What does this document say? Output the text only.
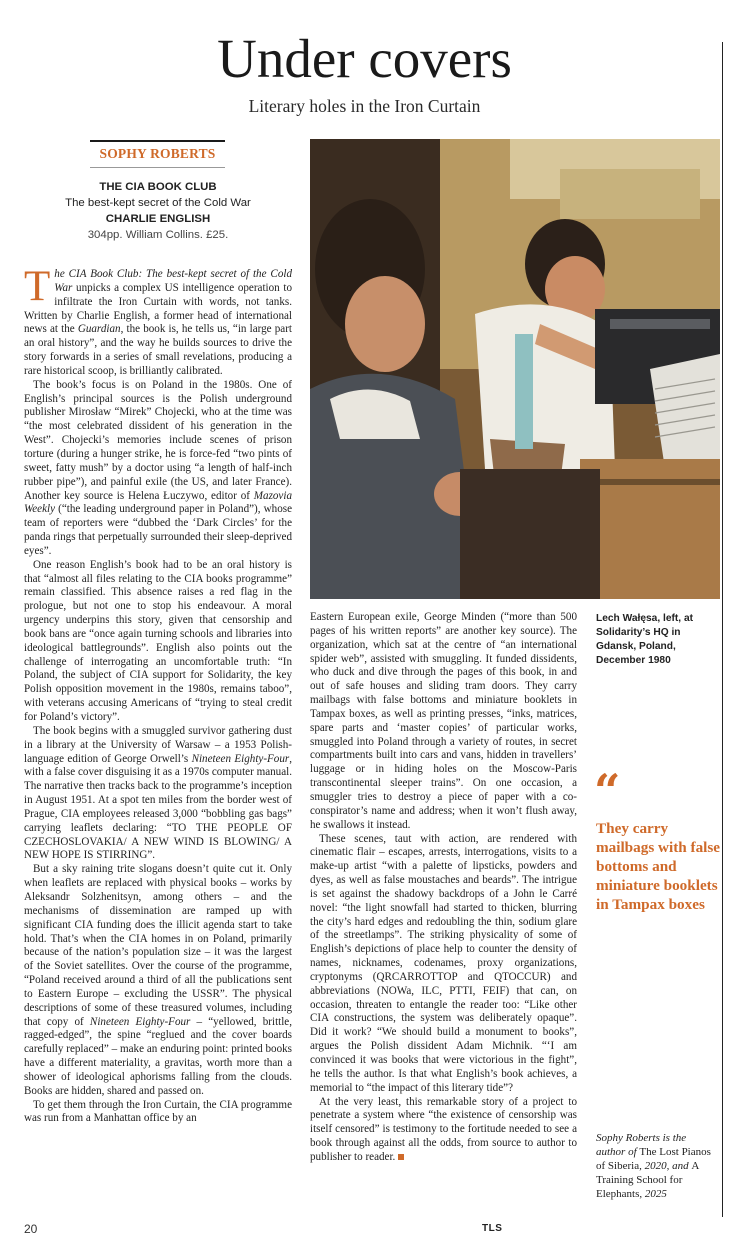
Under covers
Literary holes in the Iron Curtain
SOPHY ROBERTS
THE CIA BOOK CLUB
The best-kept secret of the Cold War
CHARLIE ENGLISH
304pp. William Collins. £25.

The CIA Book Club: The best-kept secret of the Cold War unpicks a complex US intelligence operation to infiltrate the Iron Curtain with words, not tanks. Written by Charlie English, a former head of international news at the Guardian, the book is, he tells us, “in large part an oral history”, and the way he builds sources to drive the story forwards in a series of small revelations, producing a rare historical scoop, is brilliantly calibrated.

The book’s focus is on Poland in the 1980s. One of English’s principal sources is the Polish underground publisher Mirosław “Mirek” Chojecki, who at the time was “the most celebrated dissident of his generation in the West”. Chojecki’s memories include scenes of prison torture (during a hunger strike, he is force-fed “two pints of sweet, fatty mush” by a doctor using “a length of half-inch rubber pipe”), and painful exile (the US, and later France). Another key source is Helena Łuczywo, editor of Mazovia Weekly (“the leading underground paper in Poland”), whose team of reporters were “dubbed the ‘Dark Circles’ for the panda rings that perpetually surrounded their sleep-deprived eyes”.

One reason English’s book had to be an oral history is that “almost all files relating to the CIA books programme” remain classified. This absence raises a red flag in the prologue, but not one to stop his endeavour. A moral urgency underpins this story, given that censorship and book bans are “once again turning schools and libraries into ideological battlegrounds”. English also points out the challenge of interrogating an uncomfortable truth: “In Poland, the subject of CIA support for Solidarity, the key Polish opposition movement in the 1980s, remains taboo”, with veterans accusing Americans of “trying to steal credit for Poland’s victory”.

The book begins with a smuggled survivor gathering dust in a library at the University of Warsaw – a 1953 Polish-language edition of George Orwell’s Nineteen Eighty-Four, with a false cover disguising it as a 1970s computer manual. The narrative then tracks back to the programme’s inception in August 1951. At a spot ten miles from the border west of Prague, CIA employees released 3,000 “bobbling gas bags” carrying leaflets declaring: “TO THE PEOPLE OF CZECHOSLOVAKIA/ A NEW WIND IS BLOWING/ A NEW HOPE IS STIRRING”.

But a sky raining trite slogans doesn’t quite cut it. Only when leaflets are replaced with physical books – works by Aleksandr Solzhenitsyn, among others – and the mechanisms of dissemination are ramped up with significant CIA funding does the illicit agenda start to take hold. That’s when the CIA homes in on Poland, primarily because of the nation’s population size – it was the largest of the Soviet satellites. Over the course of the programme, “Poland received around a third of all the publications sent to Eastern Europe – excluding the USSR”. The physical descriptions of some of these treasured volumes, including that copy of Nineteen Eighty-Four – “yellowed, brittle, ragged-edged”, the spine “reglued and the cover boards carefully replaced” – make an enduring point: printed books have a different materiality, a gravitas, worth more than a shower of ideological aphorisms falling from the clouds. Books are hidden, shared and passed on.

To get them through the Iron Curtain, the CIA programme was run from a Manhattan office by an

Eastern European exile, George Minden (“more than 500 pages of his written reports” are another key source). The organization, which sat at the centre of “an international spider web”, assisted with smuggling. It funded dissidents, who duck and dive through the pages of this book, in and out of safe houses and sliding tram doors. They carry mailbags with false bottoms and miniature booklets in Tampax boxes, as well as printing presses, “inks, matrices, spare parts and ‘master copies’ of particular works, smuggled into Poland through a variety of routes, in secret compartments built into cars and vans, hidden in travellers’ luggage or in hiding holes on the Moscow-Paris transcontinental sleeper trains”. On one occasion, a smuggler tries to destroy a piece of paper with a co-conspirator’s name and address; when it won’t flush away, he swallows it instead.

These scenes, taut with action, are rendered with cinematic flair – escapes, arrests, interrogations, visits to a make-up artist “with a palette of lipsticks, powders and dyes, as well as false moustaches and beards”. The intrigue is set against the shadowy backdrops of a John le Carré novel: “the light snowfall had started to thicken, blurring the city’s hard edges and redoubling the thin, sodium glare of the streetlamps”. The striking physicality of some of English’s depictions of place help to counter the density of names, nicknames, codenames, proxy organizations, cryptonyms (QRCARROTTOP and QTOCCUR) and abbreviations (NOWa, ILC, PTTI, FEIF) that can, on occasion, threaten to entangle the reader too: “Like other CIA constructions, the system was deliberately opaque”. Did it work? “We should build a monument to books”, argues the Polish dissident Adam Michnik. “‘I am convinced it was books that were victorious in the fight”, he tells the author. Is that what English’s book achieves, a memorial to “the impact of this literary tide”?

At the very least, this remarkable story of a project to penetrate a system where “the existence of censorship was itself censored” is testimony to the fortitude needed to see a book through against all the odds, from source to author to publisher to reader.

Lech Wałęsa, left, at Solidarity’s HQ in Gdansk, Poland, December 1980
“
They carry mailbags with false bottoms and miniature booklets in Tampax boxes
Sophy Roberts is the author of The Lost Pianos of Siberia, 2020, and A Training School for Elephants, 2025
20	TLS
